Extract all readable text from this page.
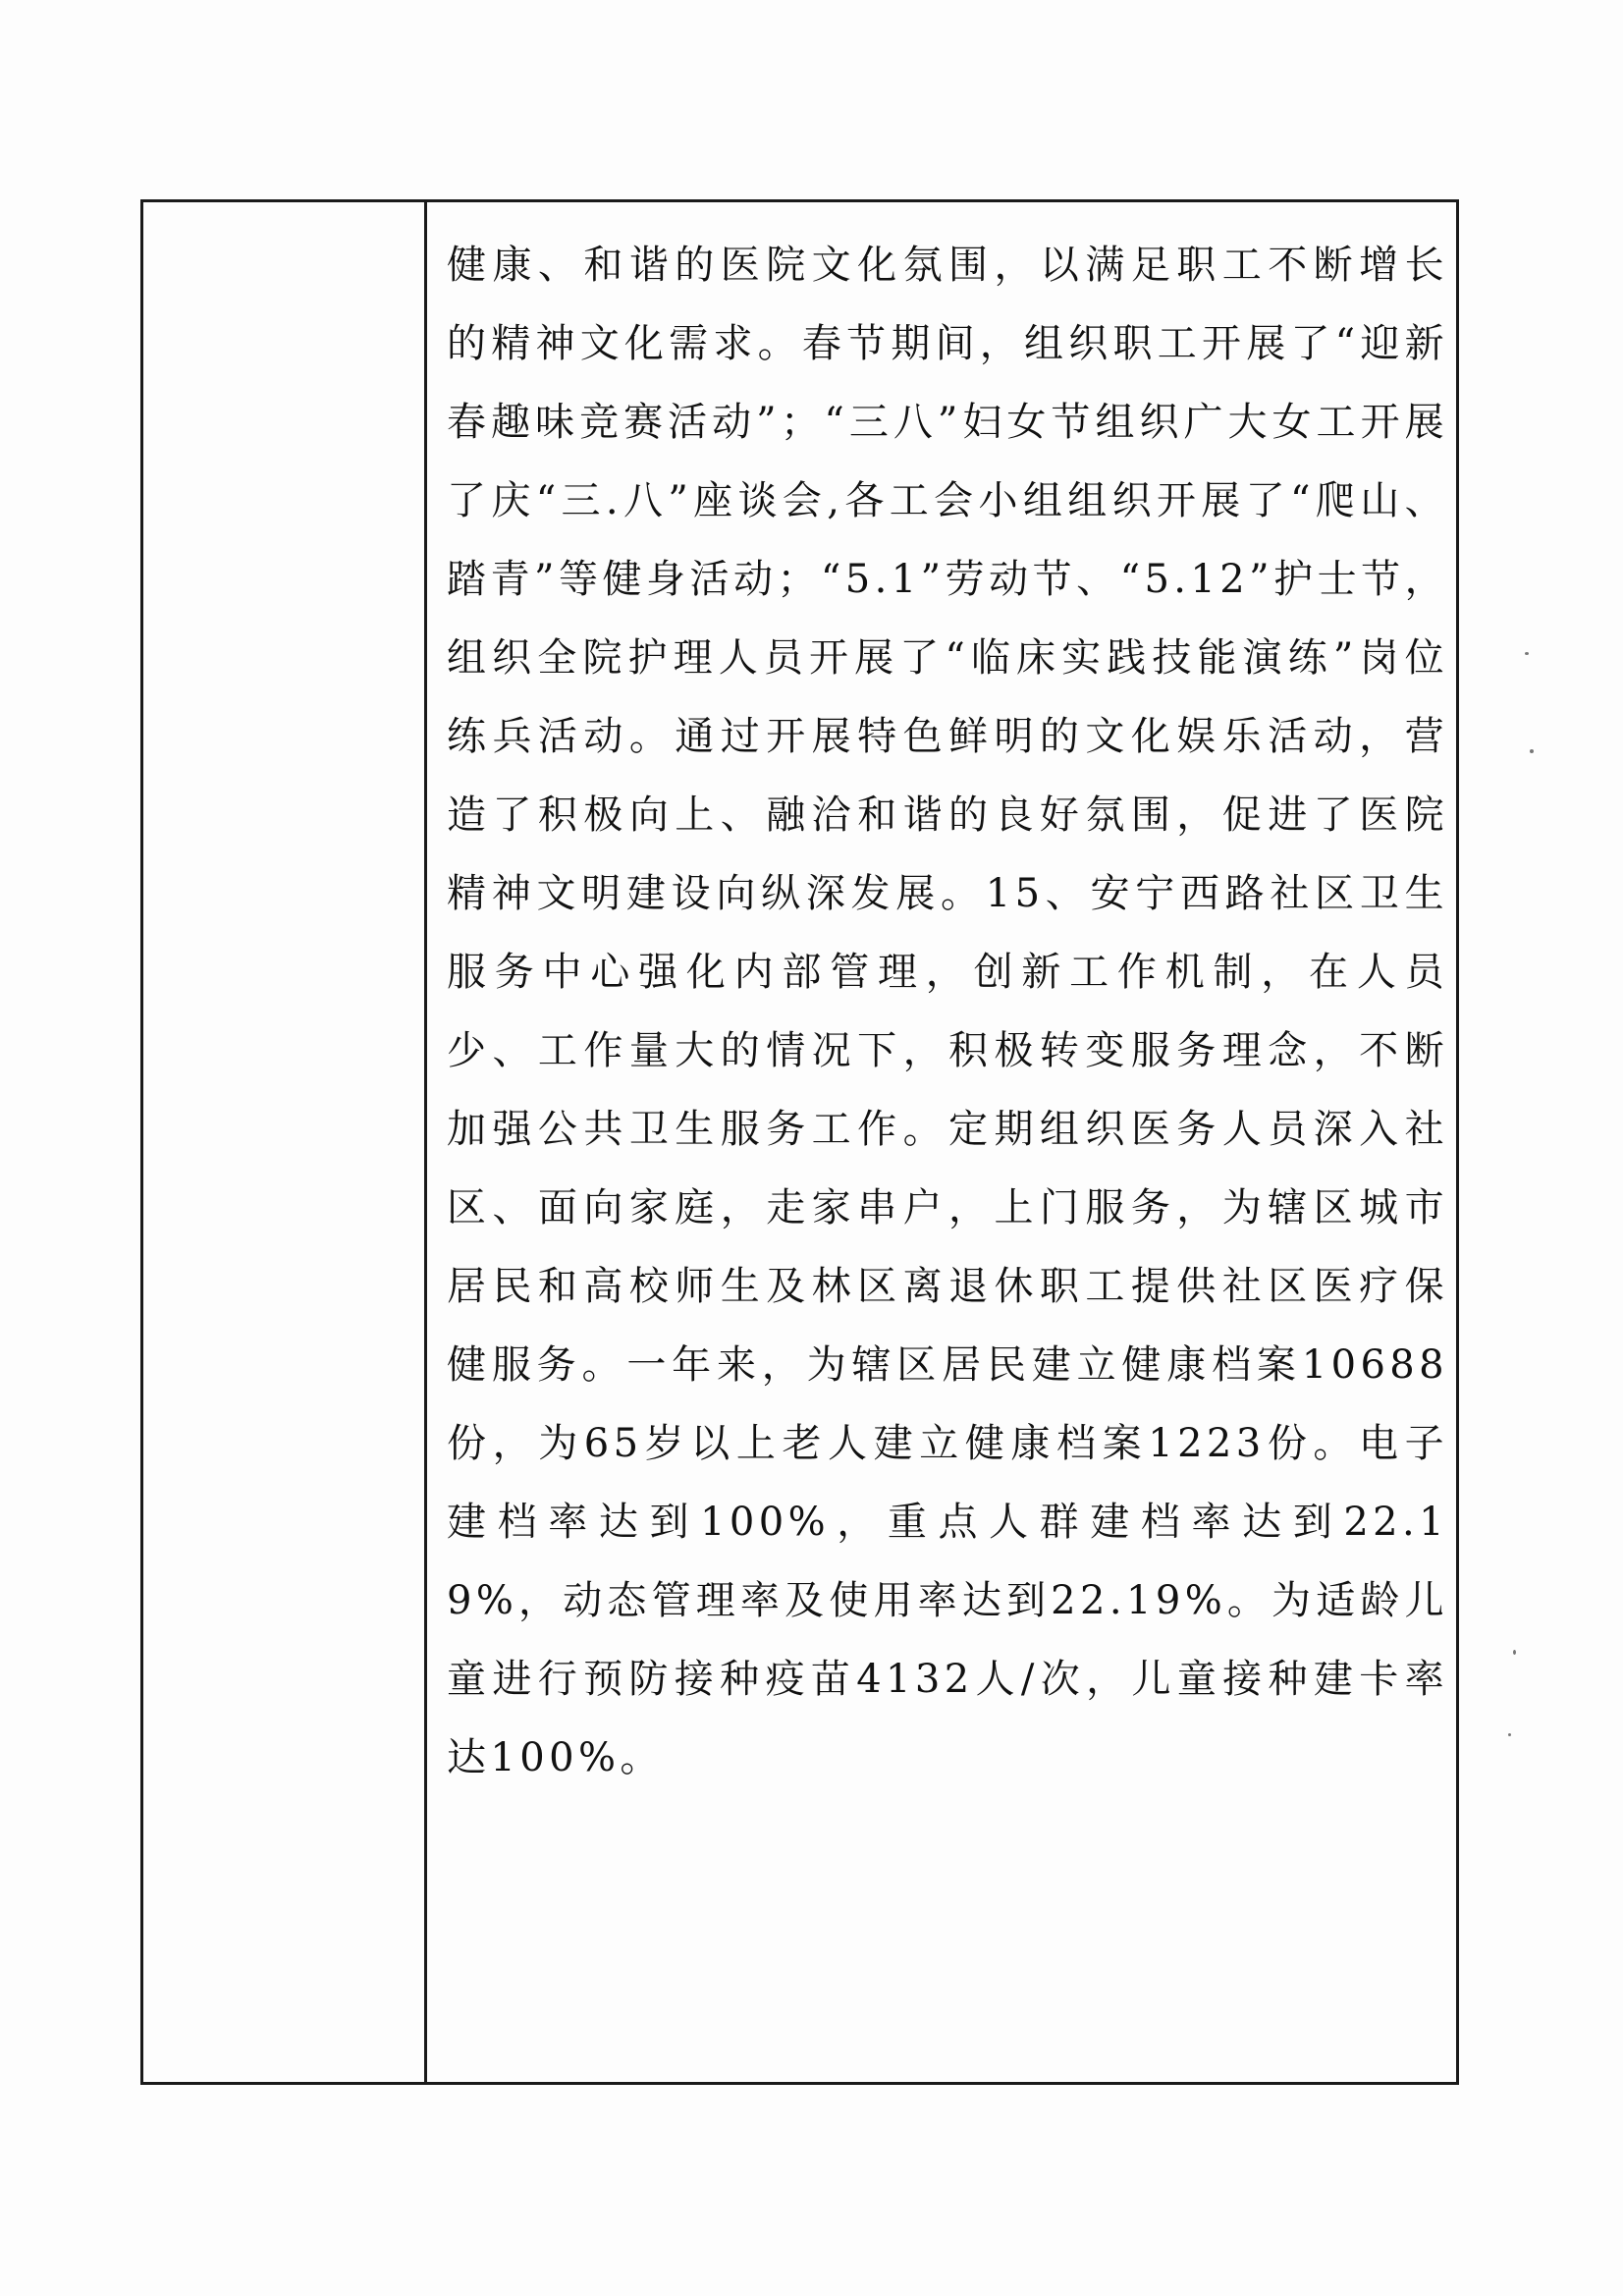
健康、和谐的医院文化氛围，以满足职工不断增长的精神文化需求。春节期间，组织职工开展了“迎新春趣味竞赛活动”；“三八”妇女节组织广大女工开展了庆“三.八”座谈会,各工会小组组织开展了“爬山、踏青”等健身活动；“5.1”劳动节、“5.12”护士节，组织全院护理人员开展了“临床实践技能演练”岗位练兵活动。通过开展特色鲜明的文化娱乐活动，营造了积极向上、融洽和谐的良好氛围，促进了医院精神文明建设向纵深发展。15、安宁西路社区卫生服务中心强化内部管理，创新工作机制，在人员少、工作量大的情况下，积极转变服务理念，不断加强公共卫生服务工作。定期组织医务人员深入社区、面向家庭，走家串户，上门服务，为辖区城市居民和高校师生及林区离退休职工提供社区医疗保健服务。一年来，为辖区居民建立健康档案10688份，为65岁以上老人建立健康档案1223份。电子建档率达到100%，重点人群建档率达到22.19%，动态管理率及使用率达到22.19%。为适龄儿童进行预防接种疫苗4132人/次，儿童接种建卡率达100%。
